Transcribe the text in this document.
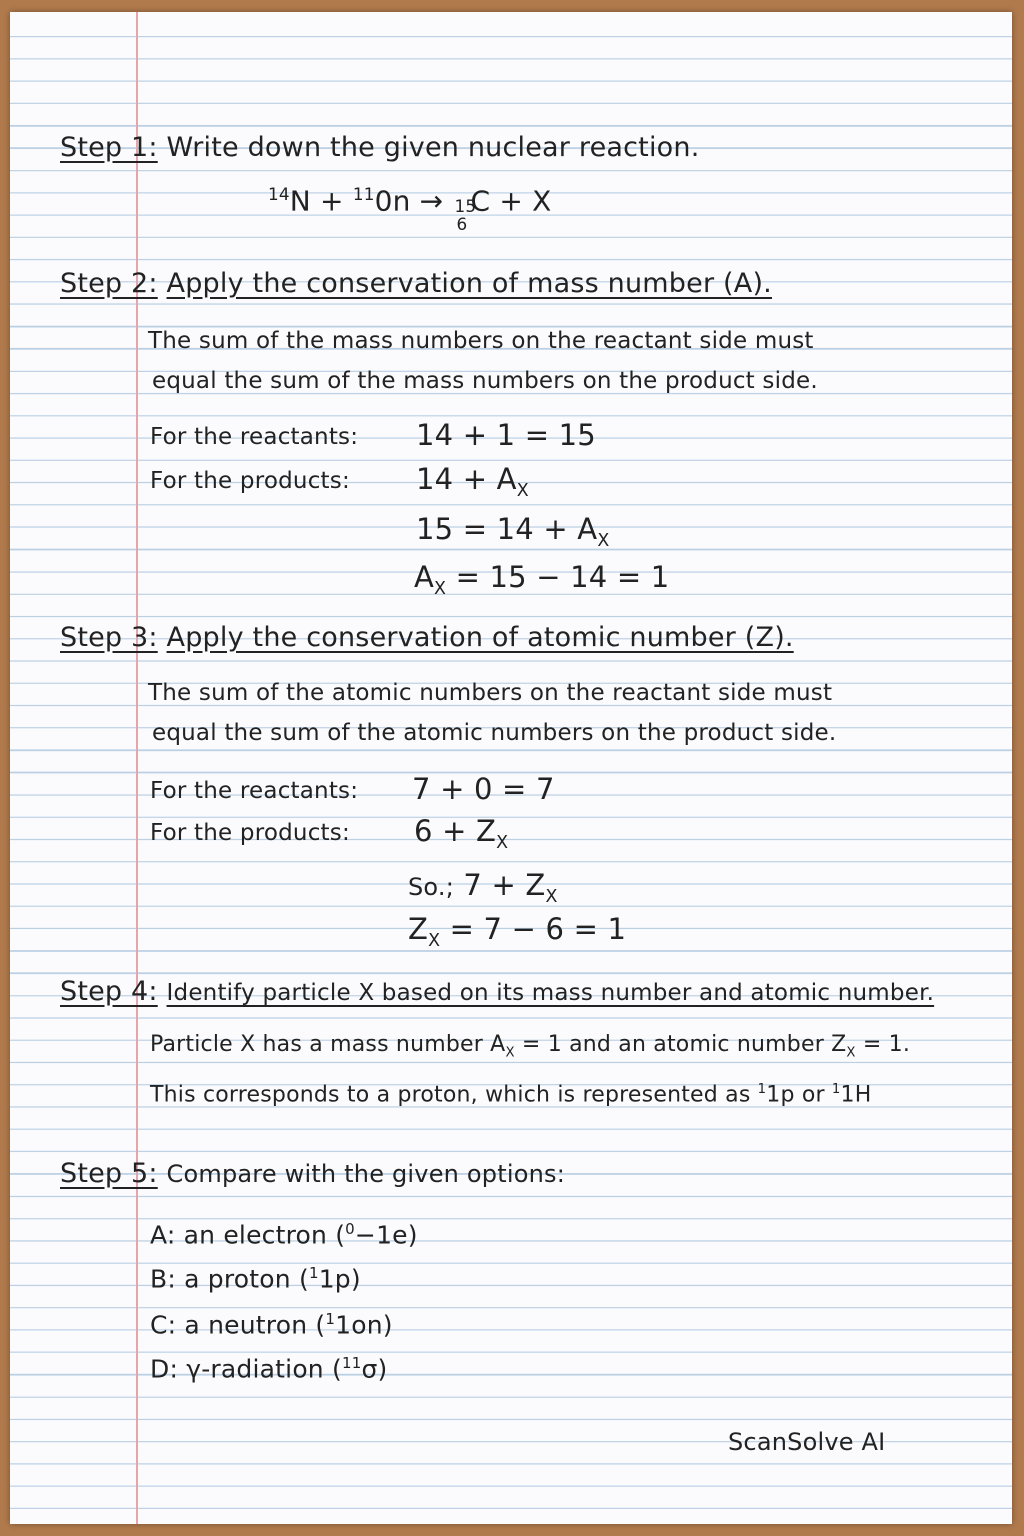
Step 1: Write down the given nuclear reaction.
$^{14}$N + $^{11}$0n → 15
6
C + X
Step 2: Apply the conservation of mass number (A).
The sum of the mass numbers on the reactant side must
equal the sum of the mass numbers on the product side.
For the reactants: 14 + 1 = 15
For the products: $14 + A_X$
$15 = 14 + A_X$
$A_X = 15 - 14 = 1$
Step 3: Apply the conservation of atomic number (Z).
The sum of the atomic numbers on the reactant side must
equal the sum of the atomic numbers on the product side.
For the reactants: 7 + 0 = 7
For the products: $6 + Z_X$
So.; $7 + Z_X$
$Z_X = 7 - 6 = 1$
Step 4: Identify particle X based on its mass number and atomic number.
Particle X has a mass number $A_X = 1$ and an atomic number $Z_X = 1$.
This corresponds to a proton, which is represented as $^1$1p or $^1$1H
Step 5: Compare with the given options:
A: an electron ($^0$−1e)
B: a proton ($^1$1p)
C: a neutron ($^1$1on)
D: γ-radiation ($^{11}$σ)
ScanSolve AI
